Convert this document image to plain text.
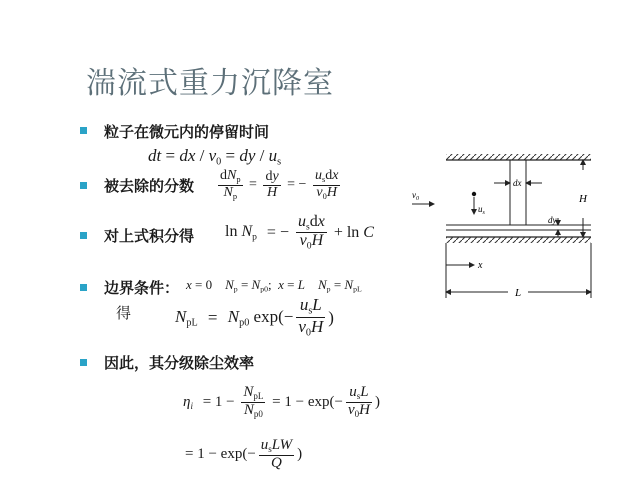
湍流式重力沉降室
粒子在微元内的停留时间
dt = dx / $v_0$ = dy / $u_s$
被去除的分数 $\frac{dN_p}{N_p} = \frac{dy}{H}$ = − $\frac{u_sdx}{v_0H}$
对上式积分得 $\ln N_p$ = − $\frac{u_sdx}{v_0H} + \ln C$
边界条件： x = 0    $N_p = N_{p0}$;  x = L $N_p = N_{pL}$
得	$N_{pL} = N_{p0}$ $\exp(- \frac{u_sL}{v_0H}$ )
因此，其分级除尘效率
$\eta_i = 1 - \frac{N_{pL}}{N_{p0}} = 1 - \exp(- \frac{u_sL}{v_0H}$ )
= $1 - \exp(- \frac{u_sLW}{Q}$ )
dx
dy
H
$v_0$
$u_s$
x
L
